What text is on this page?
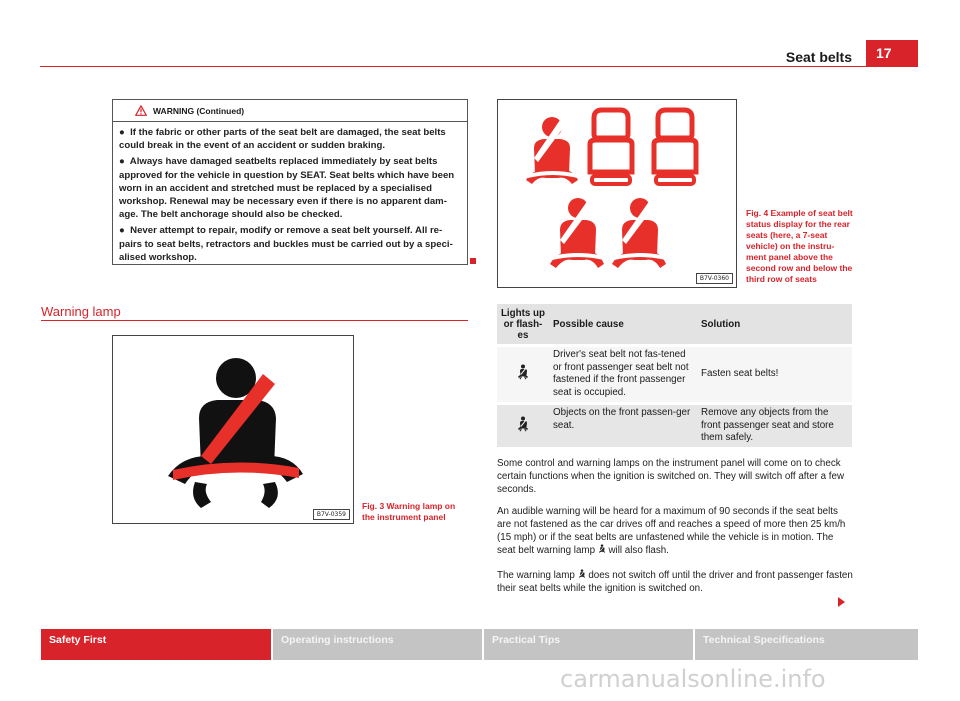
Seat belts	17
WARNING (Continued)

● If the fabric or other parts of the seat belt are damaged, the seat belts could break in the event of an accident or sudden braking.

● Always have damaged seatbelts replaced immediately by seat belts approved for the vehicle in question by SEAT. Seat belts which have been worn in an accident and stretched must be replaced by a specialised workshop. Renewal may be necessary even if there is no apparent dam-age. The belt anchorage should also be checked.

● Never attempt to repair, modify or remove a seat belt yourself. All re-pairs to seat belts, retractors and buckles must be carried out by a speci-alised workshop.

Warning lamp
B7V-0359
Fig. 3 Warning lamp on the instrument panel
B7V-0360
Fig. 4 Example of seat belt status display for the rear seats (here, a 7-seat vehicle) on the instru-ment panel above the second row and below the third row of seats
Lights up or flash-es	Possible cause	Solution

	Driver's seat belt not fas-tened or front passenger seat belt not fastened if the front passenger seat is occupied.	Fasten seat belts!

	Objects on the front passen-ger seat.	Remove any objects from the front passenger seat and store them safely.
Some control and warning lamps on the instrument panel will come on to check certain functions when the ignition is switched on. They will switch off after a few seconds.
An audible warning will be heard for a maximum of 90 seconds if the seat belts are not fastened as the car drives off and reaches a speed of more then 25 km/h (15 mph) or if the seat belts are unfastened while the vehicle is in motion. The seat belt warning lamp  will also flash.
The warning lamp  does not switch off until the driver and front passenger fasten their seat belts while the ignition is switched on.
Safety First	Operating instructions	Practical Tips	Technical Specifications
carmanualsonline.info
